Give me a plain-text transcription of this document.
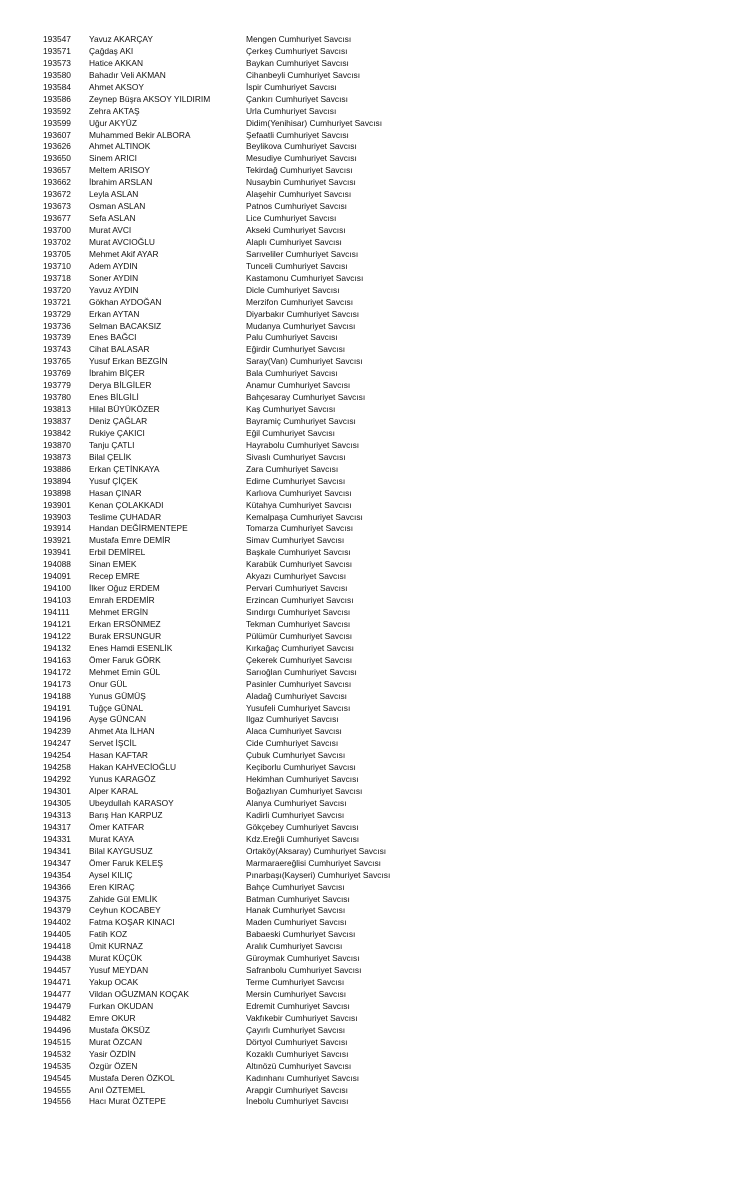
193547 Yavuz AKARÇAY	Mengen Cumhuriyet Savcısı
193571 Çağdaş AKI	Çerkeş Cumhuriyet Savcısı
193573 Hatice AKKAN	Baykan Cumhuriyet Savcısı
193580 Bahadır Veli AKMAN	Cihanbeyli Cumhuriyet Savcısı
193584 Ahmet AKSOY	İspir Cumhuriyet Savcısı
193586 Zeynep Büşra AKSOY YILDIRIM	Çankırı Cumhuriyet Savcısı
193592 Zehra AKTAŞ	Urla Cumhuriyet Savcısı
193599 Uğur AKYÜZ	Didim(Yenihisar) Cumhuriyet Savcısı
193607 Muhammed Bekir ALBORA	Şefaatli Cumhuriyet Savcısı
193626 Ahmet ALTINOK	Beylikova Cumhuriyet Savcısı
193650 Sinem ARICI	Mesudiye Cumhuriyet Savcısı
193657 Meltem ARISOY	Tekirdağ Cumhuriyet Savcısı
193662 İbrahim ARSLAN	Nusaybin Cumhuriyet Savcısı
193672 Leyla ASLAN	Alaşehir Cumhuriyet Savcısı
193673 Osman ASLAN	Patnos Cumhuriyet Savcısı
193677 Sefa ASLAN	Lice Cumhuriyet Savcısı
193700 Murat AVCI	Akseki Cumhuriyet Savcısı
193702 Murat AVCIOĞLU	Alaplı Cumhuriyet Savcısı
193705 Mehmet Akif AYAR	Sarıveliler Cumhuriyet Savcısı
193710 Adem AYDIN	Tunceli Cumhuriyet Savcısı
193718 Soner AYDIN	Kastamonu Cumhuriyet Savcısı
193720 Yavuz AYDIN	Dicle Cumhuriyet Savcısı
193721 Gökhan AYDOĞAN	Merzifon Cumhuriyet Savcısı
193729 Erkan AYTAN	Diyarbakır Cumhuriyet Savcısı
193736 Selman BACAKSIZ	Mudanya Cumhuriyet Savcısı
193739 Enes BAĞCI	Palu Cumhuriyet Savcısı
193743 Cihat BALASAR	Eğirdir Cumhuriyet Savcısı
193765 Yusuf Erkan BEZGİN	Saray(Van) Cumhuriyet Savcısı
193769 İbrahim BİÇER	Bala Cumhuriyet Savcısı
193779 Derya BİLGİLER	Anamur Cumhuriyet Savcısı
193780 Enes BİLGİLİ	Bahçesaray Cumhuriyet Savcısı
193813 Hilal BÜYÜKÖZER	Kaş Cumhuriyet Savcısı
193837 Deniz ÇAĞLAR	Bayramiç Cumhuriyet Savcısı
193842 Rukiye ÇAKICI	Eğil Cumhuriyet Savcısı
193870 Tanju ÇATLI	Hayrabolu Cumhuriyet Savcısı
193873 Bilal ÇELİK	Sivaslı Cumhuriyet Savcısı
193886 Erkan ÇETİNKAYA	Zara Cumhuriyet Savcısı
193894 Yusuf ÇİÇEK	Edirne Cumhuriyet Savcısı
193898 Hasan ÇINAR	Karlıova Cumhuriyet Savcısı
193901 Kenan ÇOLAKKADI	Kütahya Cumhuriyet Savcısı
193903 Teslime ÇUHADAR	Kemalpaşa Cumhuriyet Savcısı
193914 Handan DEĞİRMENTEPE	Tomarza Cumhuriyet Savcısı
193921 Mustafa Emre DEMİR	Simav Cumhuriyet Savcısı
193941 Erbil DEMİREL	Başkale Cumhuriyet Savcısı
194088 Sinan EMEK	Karabük Cumhuriyet Savcısı
194091 Recep EMRE	Akyazı Cumhuriyet Savcısı
194100 İlker Oğuz ERDEM	Pervari Cumhuriyet Savcısı
194103 Emrah ERDEMİR	Erzincan Cumhuriyet Savcısı
194111 Mehmet ERGİN	Sındırgı Cumhuriyet Savcısı
194121 Erkan ERSÖNMEZ	Tekman Cumhuriyet Savcısı
194122 Burak ERSUNGUR	Pülümür Cumhuriyet Savcısı
194132 Enes Hamdi ESENLİK	Kırkağaç Cumhuriyet Savcısı
194163 Ömer Faruk GÖRK	Çekerek Cumhuriyet Savcısı
194172 Mehmet Emin GÜL	Sarıoğlan Cumhuriyet Savcısı
194173 Onur GÜL	Pasinler Cumhuriyet Savcısı
194188 Yunus GÜMÜŞ	Aladağ Cumhuriyet Savcısı
194191 Tuğçe GÜNAL	Yusufeli Cumhuriyet Savcısı
194196 Ayşe GÜNCAN	Ilgaz Cumhuriyet Savcısı
194239 Ahmet Ata İLHAN	Alaca Cumhuriyet Savcısı
194247 Servet İŞCİL	Cide Cumhuriyet Savcısı
194254 Hasan KAFTAR	Çubuk Cumhuriyet Savcısı
194258 Hakan KAHVECİOĞLU	Keçiborlu Cumhuriyet Savcısı
194292 Yunus KARAGÖZ	Hekimhan Cumhuriyet Savcısı
194301 Alper KARAL	Boğazlıyan Cumhuriyet Savcısı
194305 Ubeydullah KARASOY	Alanya Cumhuriyet Savcısı
194313 Barış Han KARPUZ	Kadirli Cumhuriyet Savcısı
194317 Ömer KATFAR	Gökçebey Cumhuriyet Savcısı
194331 Murat KAYA	Kdz.Ereğli Cumhuriyet Savcısı
194341 Bilal KAYGUSUZ	Ortaköy(Aksaray) Cumhuriyet Savcısı
194347 Ömer Faruk KELEŞ	Marmaraereğlisi Cumhuriyet Savcısı
194354 Aysel KILIÇ	Pınarbaşı(Kayseri) Cumhuriyet Savcısı
194366 Eren KIRAÇ	Bahçe Cumhuriyet Savcısı
194375 Zahide Gül EMLİK	Batman Cumhuriyet Savcısı
194379 Ceyhun KOCABEY	Hanak Cumhuriyet Savcısı
194402 Fatma KOŞAR KINACI	Maden Cumhuriyet Savcısı
194405 Fatih KOZ	Babaeski Cumhuriyet Savcısı
194418 Ümit KURNAZ	Aralık Cumhuriyet Savcısı
194438 Murat KÜÇÜK	Güroymak Cumhuriyet Savcısı
194457 Yusuf MEYDAN	Safranbolu Cumhuriyet Savcısı
194471 Yakup OCAK	Terme Cumhuriyet Savcısı
194477 Vildan OĞUZMAN KOÇAK	Mersin Cumhuriyet Savcısı
194479 Furkan OKUDAN	Edremit Cumhuriyet Savcısı
194482 Emre OKUR	Vakfıkebir Cumhuriyet Savcısı
194496 Mustafa ÖKSÜZ	Çayırlı Cumhuriyet Savcısı
194515 Murat ÖZCAN	Dörtyol Cumhuriyet Savcısı
194532 Yasir ÖZDİN	Kozaklı Cumhuriyet Savcısı
194535 Özgür ÖZEN	Altınözü Cumhuriyet Savcısı
194545 Mustafa Deren ÖZKOL	Kadınhanı Cumhuriyet Savcısı
194555 Anıl ÖZTEMEL	Arapgir Cumhuriyet Savcısı
194556 Hacı Murat ÖZTEPE	İnebolu Cumhuriyet Savcısı
